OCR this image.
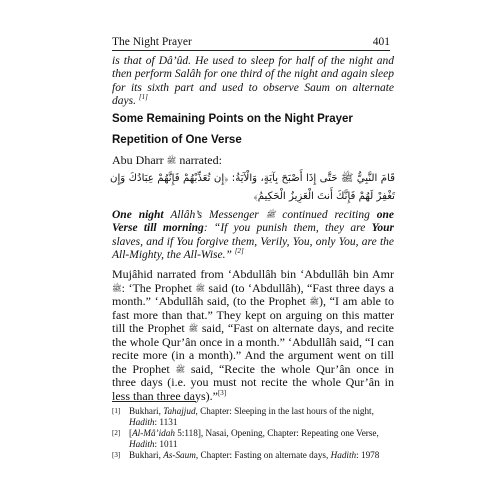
The Night Prayer	401

is that of Dâ’ûd. He used to sleep for half of the night and then perform Salâh for one third of the night and again sleep for its sixth part and used to observe Saum on alternate days. [1]

Some Remaining Points on the Night Prayer
Repetition of One Verse
Abu Dharr ﷺ narrated:
قَامَ النَّبِيُّ ﷺ حَتَّى إِذَا أَصْبَحَ بِآيَةٍ، وَالْآيَةُ: ﴿إِن تُعَذِّبْهُمْ فَإِنَّهُمْ عِبَادُكَ وَإِن تَغْفِرْ لَهُمْ فَإِنَّكَ أَنتَ الْعَزِيزُ الْحَكِيمُ﴾

One night Allâh’s Messenger ﷺ continued reciting one Verse till morning: “If you punish them, they are Your slaves, and if You forgive them, Verily, You, only You, are the All-Mighty, the All-Wise.” [2]

Mujâhid narrated from ‘Abdullâh bin ‘Abdullâh bin Amr ﷺ: ‘The Prophet ﷺ said (to ‘Abdullâh), “Fast three days a month.” ‘Abdullâh said, (to the Prophet ﷺ), “I am able to fast more than that.” They kept on arguing on this matter till the Prophet ﷺ said, “Fast on alternate days, and recite the whole Qur’ân once in a month.” ‘Abdullâh said, “I can recite more (in a month).” And the argument went on till the Prophet ﷺ said, “Recite the whole Qur’ân once in three days (i.e. you must not recite the whole Qur’ân in less than three days).”[3]

[1] Bukhari, Tahajjud, Chapter: Sleeping in the last hours of the night, Hadith: 1131

[2] [Al-Mâ’idah 5:118], Nasai, Opening, Chapter: Repeating one Verse, Hadith: 1011

[3] Bukhari, As-Saum, Chapter: Fasting on alternate days, Hadith: 1978
